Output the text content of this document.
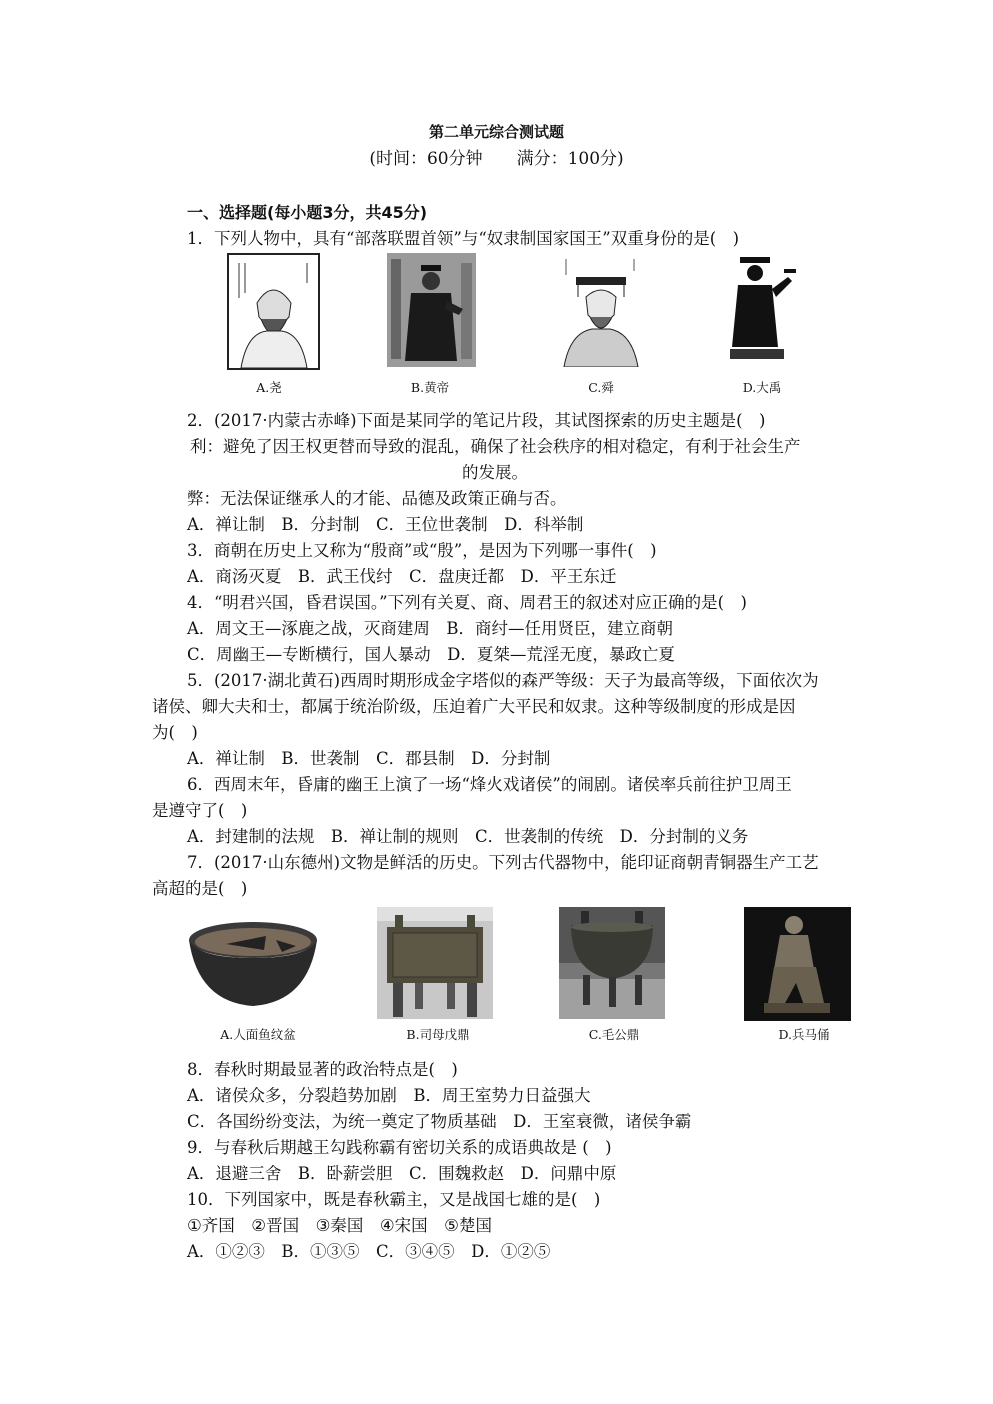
第二单元综合测试题
(时间：60分钟　　满分：100分)
一、选择题(每小题3分，共45分)
1．下列人物中，具有“部落联盟首领”与“奴隶制国家国王”双重身份的是(　)
A.尧	B.黄帝	C.舜	D.大禹
2．(2017·内蒙古赤峰)下面是某同学的笔记片段，其试图探索的历史主题是(　)
利：避免了因王权更替而导致的混乱，确保了社会秩序的相对稳定，有利于社会生产
的发展。
弊：无法保证继承人的才能、品德及政策正确与否。
A．禅让制　B．分封制　C．王位世袭制　D．科举制
3．商朝在历史上又称为“殷商”或“殷”，是因为下列哪一事件(　)
A．商汤灭夏　B．武王伐纣　C．盘庚迁都　D．平王东迁
4．“明君兴国，昏君误国。”下列有关夏、商、周君王的叙述对应正确的是(　)
A．周文王—涿鹿之战，灭商建周　B．商纣—任用贤臣，建立商朝
C．周幽王—专断横行，国人暴动　D．夏桀—荒淫无度，暴政亡夏
5．(2017·湖北黄石)西周时期形成金字塔似的森严等级：天子为最高等级，下面依次为
诸侯、卿大夫和士，都属于统治阶级，压迫着广大平民和奴隶。这种等级制度的形成是因
为(　)
A．禅让制　B．世袭制　C．郡县制　D．分封制
6．西周末年，昏庸的幽王上演了一场“烽火戏诸侯”的闹剧。诸侯率兵前往护卫周王
是遵守了(　)
A．封建制的法规　B．禅让制的规则　C．世袭制的传统　D．分封制的义务
7．(2017·山东德州)文物是鲜活的历史。下列古代器物中，能印证商朝青铜器生产工艺
高超的是(　)
A.人面鱼纹盆	B.司母戊鼎	C.毛公鼎	D.兵马俑
8．春秋时期最显著的政治特点是(　)
A．诸侯众多，分裂趋势加剧　B．周王室势力日益强大
C．各国纷纷变法，为统一奠定了物质基础　D．王室衰微，诸侯争霸
9．与春秋后期越王勾践称霸有密切关系的成语典故是 (　)
A．退避三舍　B．卧薪尝胆　C．围魏救赵　D．问鼎中原
10．下列国家中，既是春秋霸主，又是战国七雄的是(　)
①齐国　②晋国　③秦国　④宋国　⑤楚国
A．①②③　B．①③⑤　C．③④⑤　D．①②⑤
